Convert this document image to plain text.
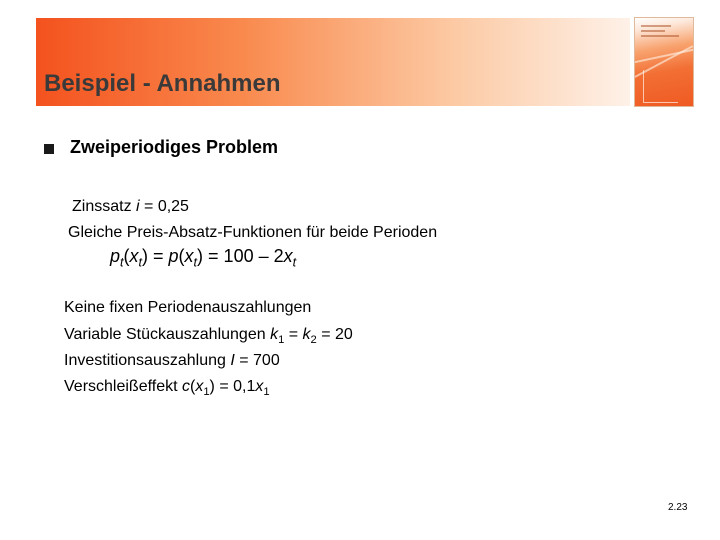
Beispiel - Annahmen
Zweiperiodiges Problem
Zinssatz i = 0,25
Gleiche Preis-Absatz-Funktionen für beide Perioden
$p_t(x_t) = p(x_t) = 100 - 2x_t$
Keine fixen Periodenauszahlungen
Variable Stückauszahlungen $k_1 = k_2 = 20$
Investitionsauszahlung I = 700
Verschleißeffekt $c(x_1) = 0,1x_1$
2.23
